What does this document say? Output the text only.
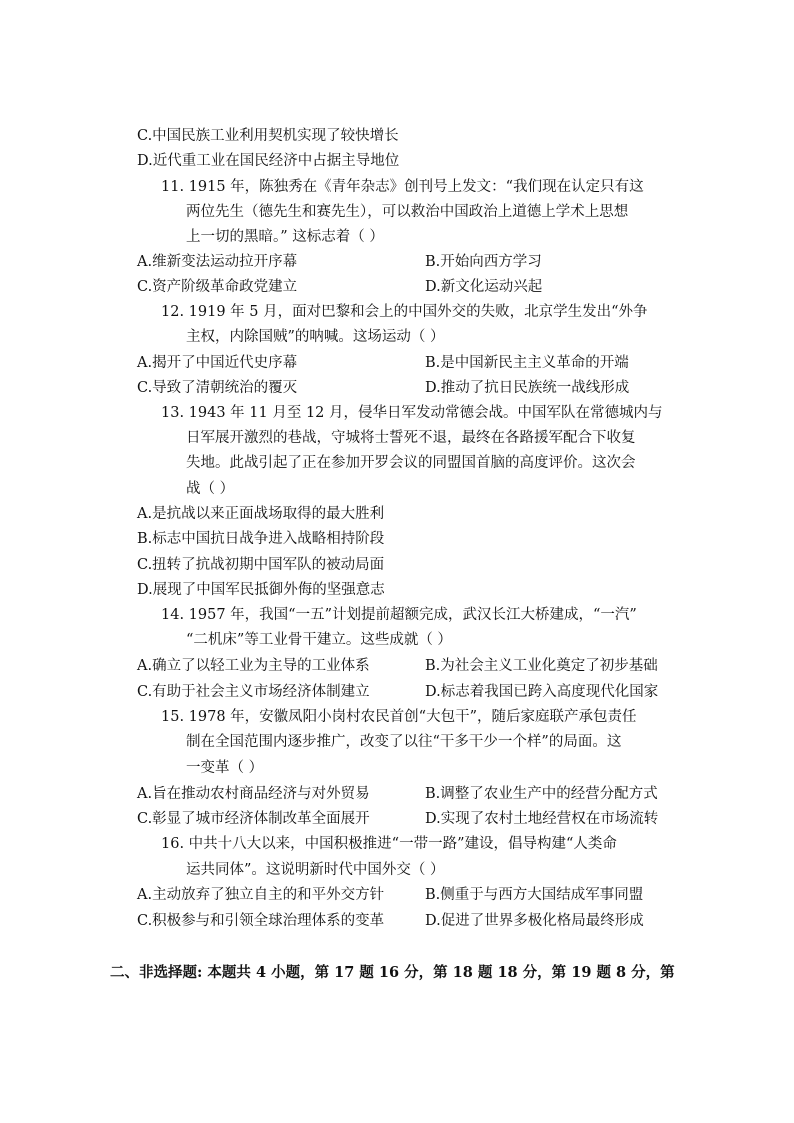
C.中国民族工业利用契机实现了较快增长
D.近代重工业在国民经济中占据主导地位
11. 1915 年，陈独秀在《青年杂志》创刊号上发文：“我们现在认定只有这
两位先生（德先生和赛先生），可以救治中国政治上道德上学术上思想
上一切的黑暗。” 这标志着（ ）
A.维新变法运动拉开序幕	B.开始向西方学习
C.资产阶级革命政党建立	D.新文化运动兴起
12. 1919 年 5 月，面对巴黎和会上的中国外交的失败，北京学生发出“外争
主权，内除国贼”的呐喊。这场运动（ ）
A.揭开了中国近代史序幕	B.是中国新民主主义革命的开端
C.导致了清朝统治的覆灭	D.推动了抗日民族统一战线形成
13. 1943 年 11 月至 12 月，侵华日军发动常德会战。中国军队在常德城内与
日军展开激烈的巷战，守城将士誓死不退，最终在各路援军配合下收复
失地。此战引起了正在参加开罗会议的同盟国首脑的高度评价。这次会
战（ ）
A.是抗战以来正面战场取得的最大胜利
B.标志中国抗日战争进入战略相持阶段
C.扭转了抗战初期中国军队的被动局面
D.展现了中国军民抵御外侮的坚强意志
14. 1957 年，我国“一五”计划提前超额完成，武汉长江大桥建成，“一汽”
“二机床”等工业骨干建立。这些成就（ ）
A.确立了以轻工业为主导的工业体系	B.为社会主义工业化奠定了初步基础
C.有助于社会主义市场经济体制建立	D.标志着我国已跨入高度现代化国家
15. 1978 年，安徽凤阳小岗村农民首创“大包干”，随后家庭联产承包责任
制在全国范围内逐步推广，改变了以往“干多干少一个样”的局面。这
一变革（ ）
A.旨在推动农村商品经济与对外贸易	B.调整了农业生产中的经营分配方式
C.彰显了城市经济体制改革全面展开	D.实现了农村土地经营权在市场流转
16. 中共十八大以来，中国积极推进“一带一路”建设，倡导构建“人类命
运共同体”。这说明新时代中国外交（ ）
A.主动放弃了独立自主的和平外交方针	B.侧重于与西方大国结成军事同盟
C.积极参与和引领全球治理体系的变革	D.促进了世界多极化格局最终形成
二、非选择题: 本题共 4 小题，第 17 题 16 分，第 18 题 18 分，第 19 题 8 分，第
